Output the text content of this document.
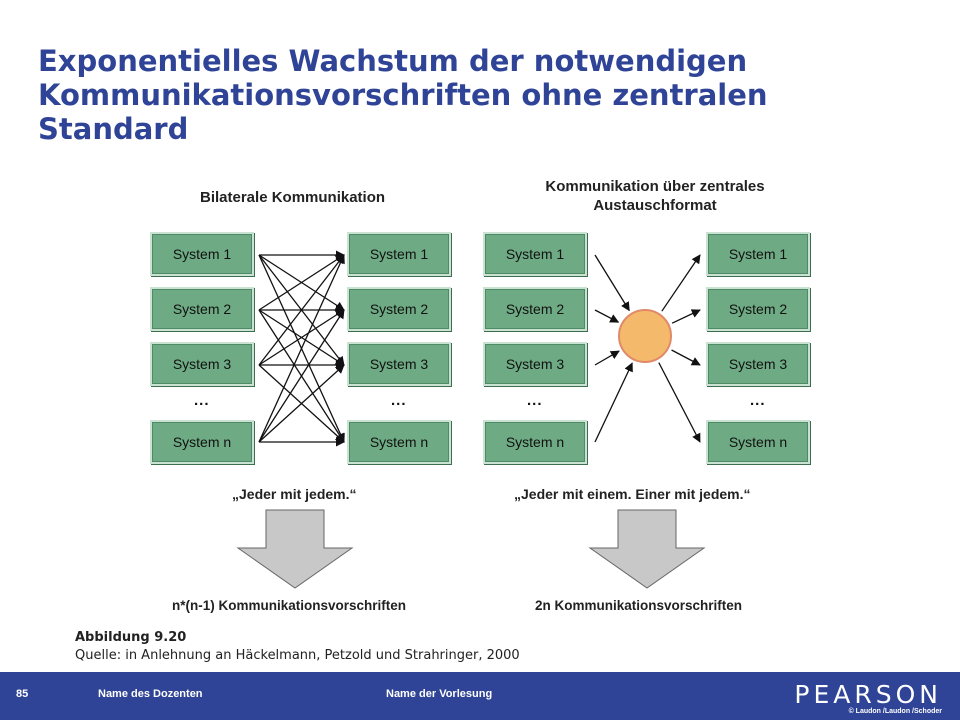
Exponentielles Wachstum der notwendigen Kommunikationsvorschriften ohne zentralen Standard
Bilaterale Kommunikation
System 1
System 2
System 3
...
System n
System 1
System 2
System 3
...
System n
„Jeder mit jedem.“
n*(n-1) Kommunikationsvorschriften
Kommunikation über zentrales
Austauschformat
System 1
System 2
System 3
...
System n
System 1
System 2
System 3
...
System n
„Jeder mit einem. Einer mit jedem.“
2n Kommunikationsvorschriften
Abbildung 9.20
Quelle: in Anlehnung an Häckelmann, Petzold und Strahringer, 2000
85	Name des Dozenten	Name der Vorlesung	PEARSON
© Laudon /Laudon /Schoder
